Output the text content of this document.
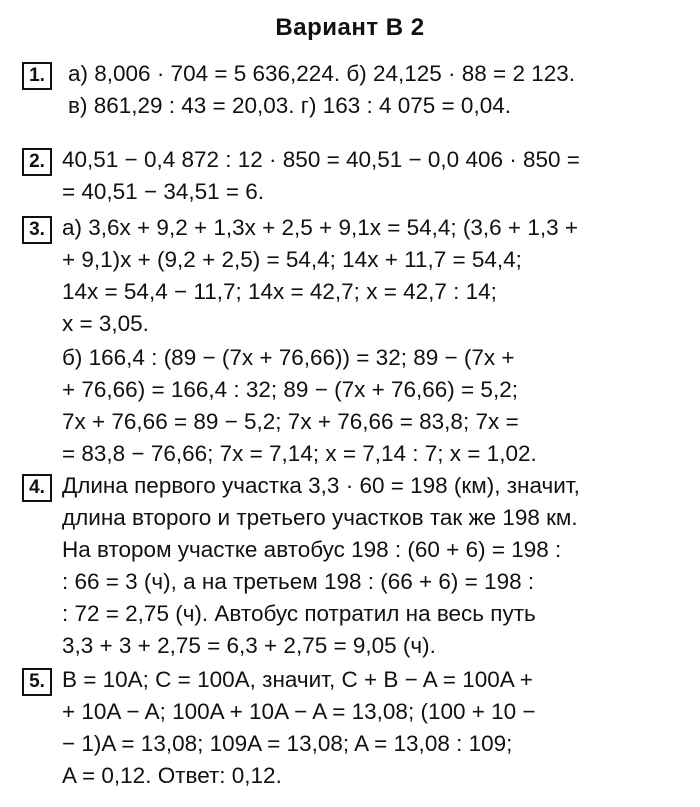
Вариант В 2
1.	а) 8,006 · 704 = 5 636,224. б) 24,125 · 88 = 2 123.
в) 861,29 : 43 = 20,03. г) 163 : 4 075 = 0,04.
2. 40,51 − 0,4 872 : 12 · 850 = 40,51 − 0,0 406 · 850 =
= 40,51 − 34,51 = 6.
3. а) 3,6x + 9,2 + 1,3x + 2,5 + 9,1x = 54,4; (3,6 + 1,3 +
+ 9,1)x + (9,2 + 2,5) = 54,4; 14x + 11,7 = 54,4;
14x = 54,4 − 11,7; 14x = 42,7; x = 42,7 : 14;
x = 3,05.
б) 166,4 : (89 − (7x + 76,66)) = 32; 89 − (7x +
+ 76,66) = 166,4 : 32; 89 − (7x + 76,66) = 5,2;
7x + 76,66 = 89 − 5,2; 7x + 76,66 = 83,8; 7x =
= 83,8 − 76,66; 7x = 7,14; x = 7,14 : 7; x = 1,02.
4. Длина первого участка 3,3 · 60 = 198 (км), значит,
длина второго и третьего участков так же 198 км.
На втором участке автобус 198 : (60 + 6) = 198 :
: 66 = 3 (ч), а на третьем 198 : (66 + 6) = 198 :
: 72 = 2,75 (ч). Автобус потратил на весь путь
3,3 + 3 + 2,75 = 6,3 + 2,75 = 9,05 (ч).
5. B = 10A; C = 100A, значит, C + B − A = 100A +
+ 10A − A; 100A + 10A − A = 13,08; (100 + 10 −
− 1)A = 13,08; 109A = 13,08; A = 13,08 : 109;
A = 0,12. Ответ: 0,12.
